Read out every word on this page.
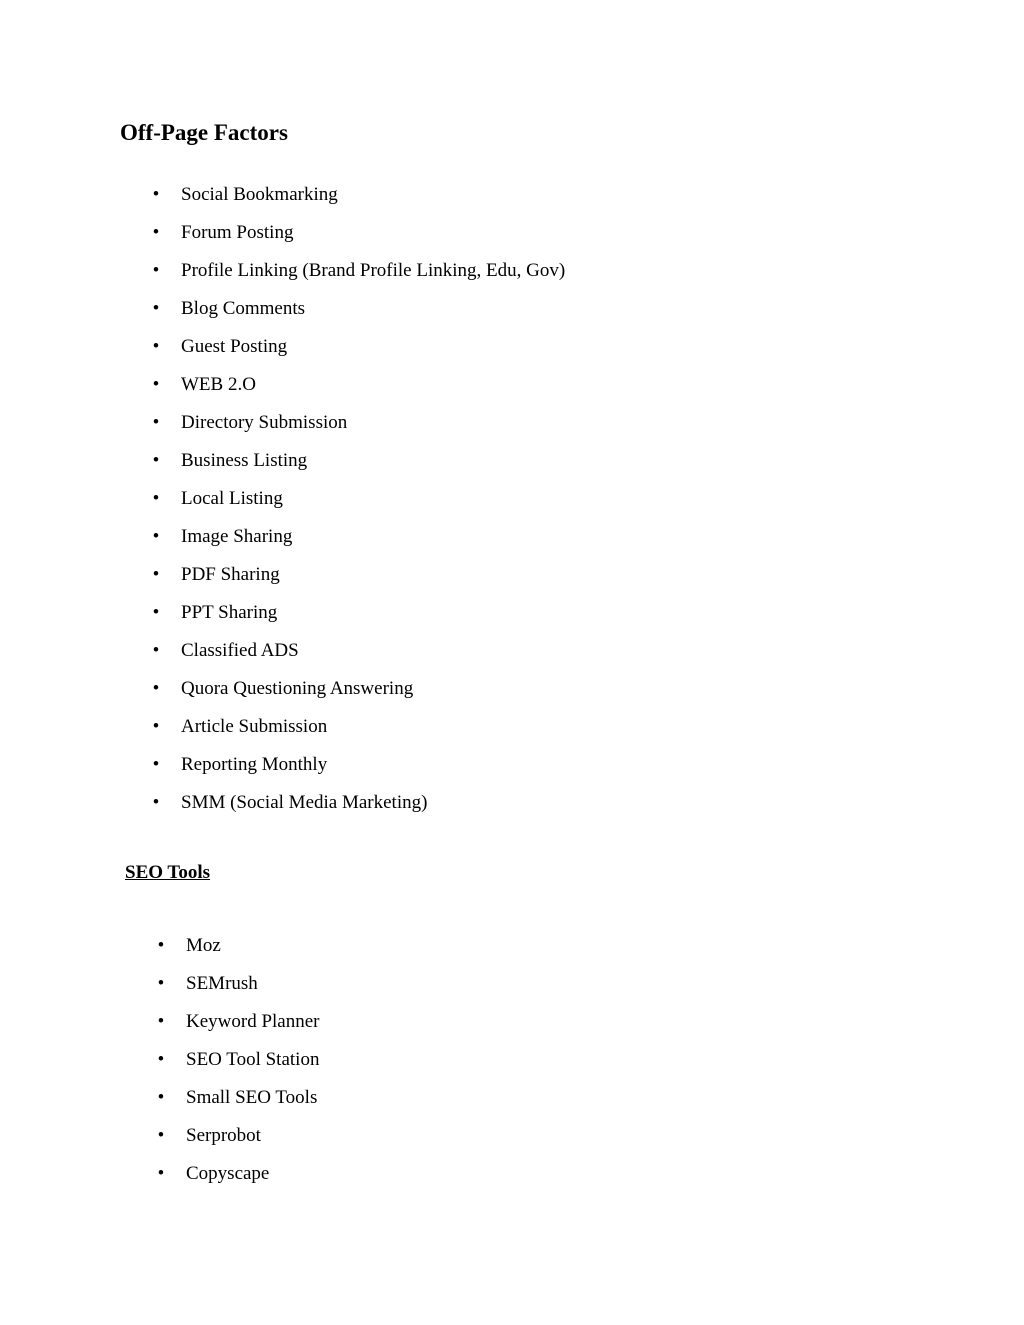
Off-Page Factors
• Social Bookmarking
• Forum Posting
• Profile Linking (Brand Profile Linking, Edu, Gov)
• Blog Comments
• Guest Posting
• WEB 2.O
• Directory Submission
• Business Listing
• Local Listing
• Image Sharing
• PDF Sharing
• PPT Sharing
• Classified ADS
• Quora Questioning Answering
• Article Submission
• Reporting Monthly
• SMM (Social Media Marketing)
SEO Tools
• Moz
• SEMrush
• Keyword Planner
• SEO Tool Station
• Small SEO Tools
• Serprobot
• Copyscape
